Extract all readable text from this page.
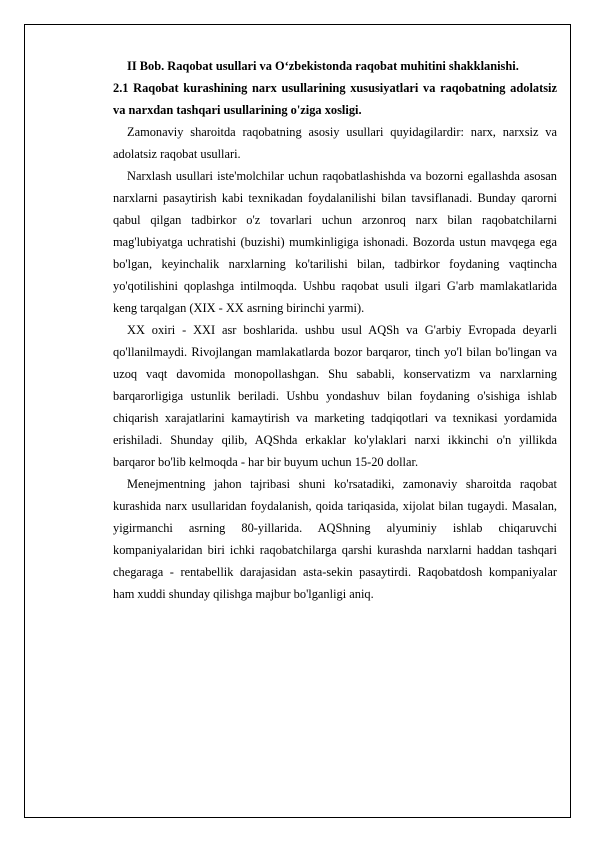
II Bob. Raqobat usullari va O‘zbekistonda raqobat muhitini shakklanishi.

2.1 Raqobat kurashining narx usullarining xususiyatlari va raqobatning adolatsiz va narxdan tashqari usullarining o'ziga xosligi.

Zamonaviy sharoitda raqobatning asosiy usullari quyidagilardir: narx, narxsiz va adolatsiz raqobat usullari.

Narxlash usullari iste'molchilar uchun raqobatlashishda va bozorni egallashda asosan narxlarni pasaytirish kabi texnikadan foydalanilishi bilan tavsiflanadi. Bunday qarorni qabul qilgan tadbirkor o'z tovarlari uchun arzonroq narx bilan raqobatchilarni mag'lubiyatga uchratishi (buzishi) mumkinligiga ishonadi. Bozorda ustun mavqega ega bo'lgan, keyinchalik narxlarning ko'tarilishi bilan, tadbirkor foydaning vaqtincha yo'qotilishini qoplashga intilmoqda. Ushbu raqobat usuli ilgari G'arb mamlakatlarida keng tarqalgan (XIX - XX asrning birinchi yarmi).

XX oxiri - XXI asr boshlarida. ushbu usul AQSh va G'arbiy Evropada deyarli qo'llanilmaydi. Rivojlangan mamlakatlarda bozor barqaror, tinch yo'l bilan bo'lingan va uzoq vaqt davomida monopollashgan. Shu sababli, konservatizm va narxlarning barqarorligiga ustunlik beriladi. Ushbu yondashuv bilan foydaning o'sishiga ishlab chiqarish xarajatlarini kamaytirish va marketing tadqiqotlari va texnikasi yordamida erishiladi. Shunday qilib, AQShda erkaklar ko'ylaklari narxi ikkinchi o'n yillikda barqaror bo'lib kelmoqda - har bir buyum uchun 15-20 dollar.

Menejmentning jahon tajribasi shuni ko'rsatadiki, zamonaviy sharoitda raqobat kurashida narx usullaridan foydalanish, qoida tariqasida, xijolat bilan tugaydi. Masalan, yigirmanchi asrning 80-yillarida. AQShning alyuminiy ishlab chiqaruvchi kompaniyalaridan biri ichki raqobatchilarga qarshi kurashda narxlarni haddan tashqari chegaraga - rentabellik darajasidan asta-sekin pasaytirdi. Raqobatdosh kompaniyalar ham xuddi shunday qilishga majbur bo'lganligi aniq.
